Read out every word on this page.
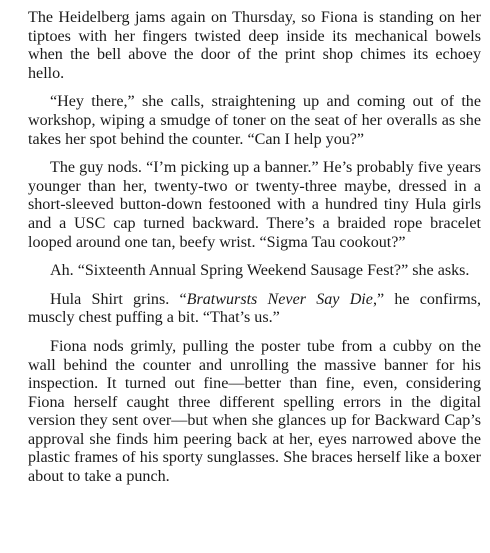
The Heidelberg jams again on Thursday, so Fiona is standing on her tiptoes with her fingers twisted deep inside its mechanical bowels when the bell above the door of the print shop chimes its echoey hello.

“Hey there,” she calls, straightening up and coming out of the workshop, wiping a smudge of toner on the seat of her overalls as she takes her spot behind the counter. “Can I help you?”

The guy nods. “I’m picking up a banner.” He’s probably five years younger than her, twenty-two or twenty-three maybe, dressed in a short-sleeved button-down festooned with a hundred tiny Hula girls and a USC cap turned backward. There’s a braided rope bracelet looped around one tan, beefy wrist. “Sigma Tau cookout?”

Ah. “Sixteenth Annual Spring Weekend Sausage Fest?” she asks.

Hula Shirt grins. “Bratwursts Never Say Die,” he confirms, muscly chest puffing a bit. “That’s us.”

Fiona nods grimly, pulling the poster tube from a cubby on the wall behind the counter and unrolling the massive banner for his inspection. It turned out fine—better than fine, even, considering Fiona herself caught three different spelling errors in the digital version they sent over—but when she glances up for Backward Cap’s approval she finds him peering back at her, eyes narrowed above the plastic frames of his sporty sunglasses. She braces herself like a boxer about to take a punch.
